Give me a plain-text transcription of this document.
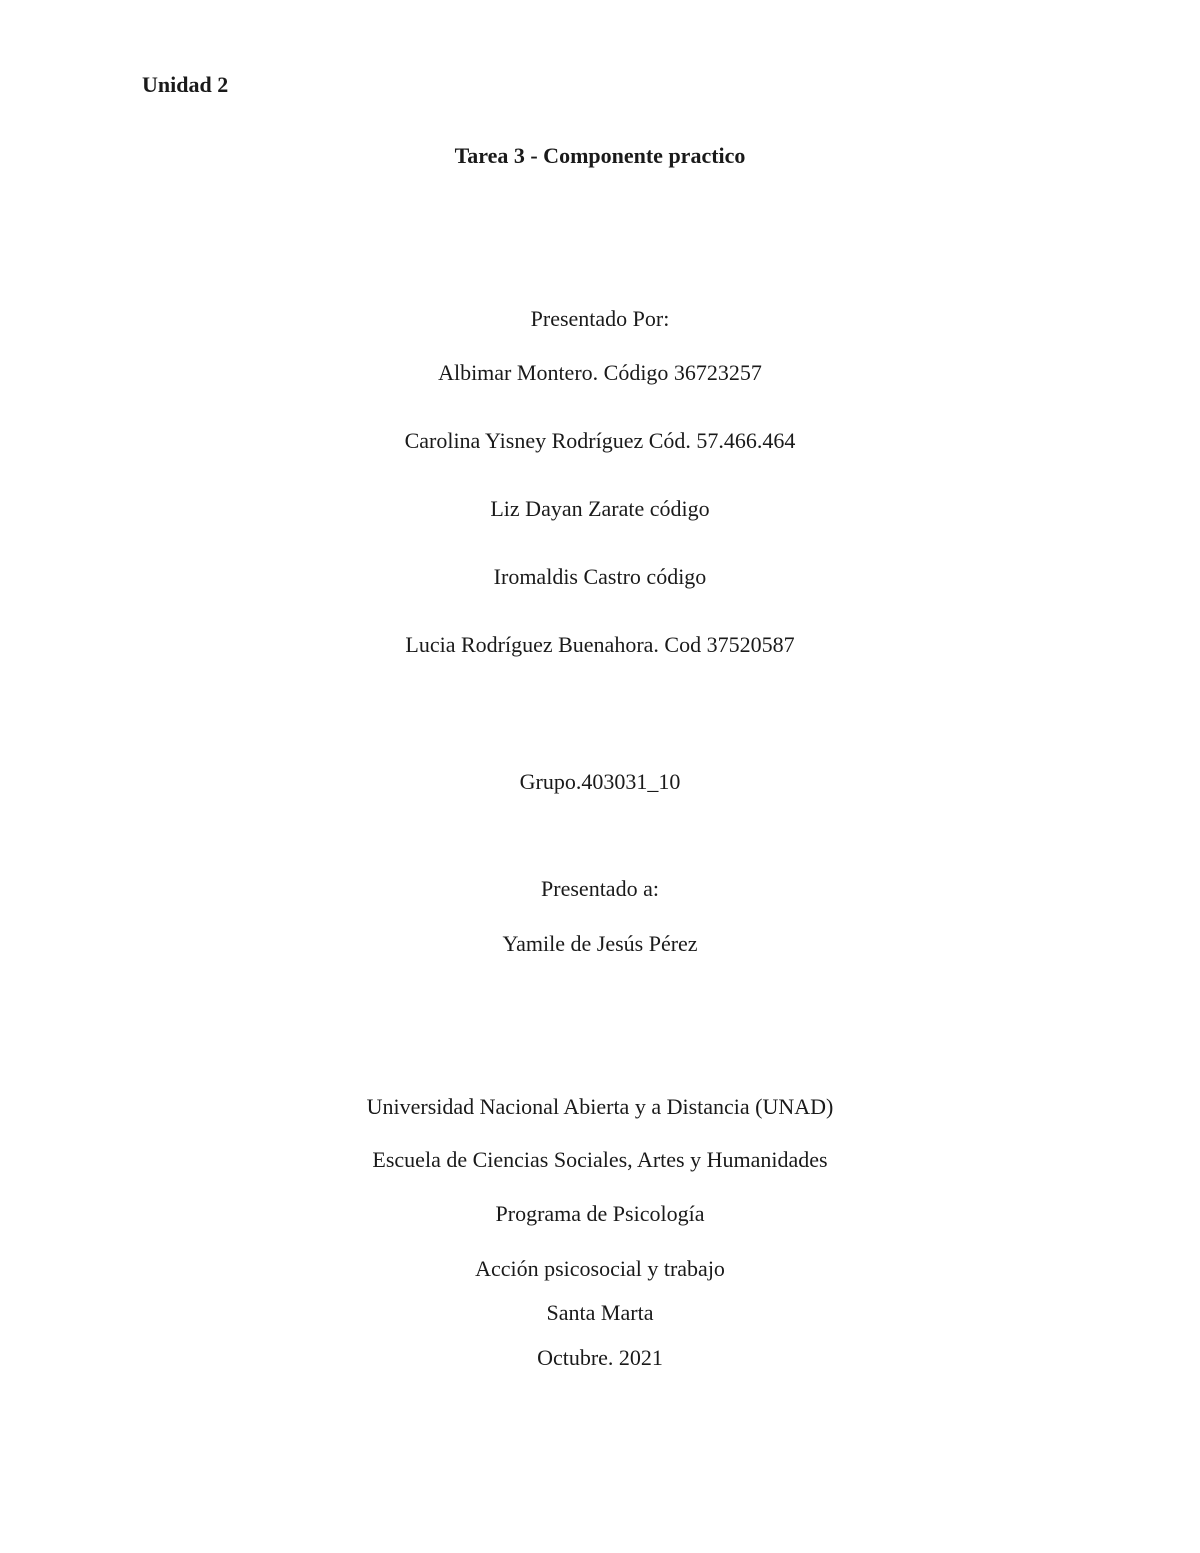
Unidad 2
Tarea 3 - Componente practico
Presentado Por:
Albimar Montero. Código 36723257
Carolina Yisney Rodríguez Cód. 57.466.464
Liz Dayan Zarate código
Iromaldis Castro código
Lucia Rodríguez Buenahora. Cod 37520587
Grupo.403031_10
Presentado a:
Yamile de Jesús Pérez
Universidad Nacional Abierta y a Distancia (UNAD)
Escuela de Ciencias Sociales, Artes y Humanidades
Programa de Psicología
Acción psicosocial y trabajo
Santa Marta
Octubre. 2021
